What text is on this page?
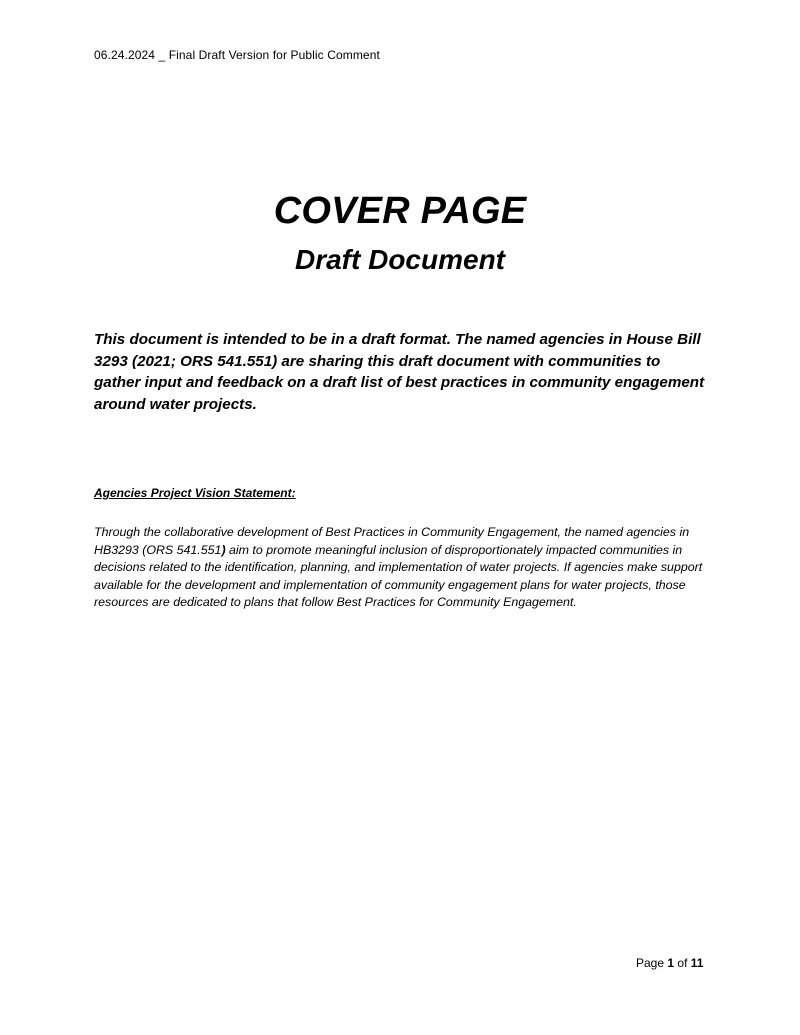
06.24.2024 _ Final Draft Version for Public Comment
COVER PAGE
Draft Document

This document is intended to be in a draft format. The named agencies in House Bill 3293 (2021; ORS 541.551) are sharing this draft document with communities to gather input and feedback on a draft list of best practices in community engagement around water projects.

Agencies Project Vision Statement:

Through the collaborative development of Best Practices in Community Engagement, the named agencies in HB3293 (ORS 541.551) aim to promote meaningful inclusion of disproportionately impacted communities in decisions related to the identification, planning, and implementation of water projects. If agencies make support available for the development and implementation of community engagement plans for water projects, those resources are dedicated to plans that follow Best Practices for Community Engagement.

Page 1 of 11
